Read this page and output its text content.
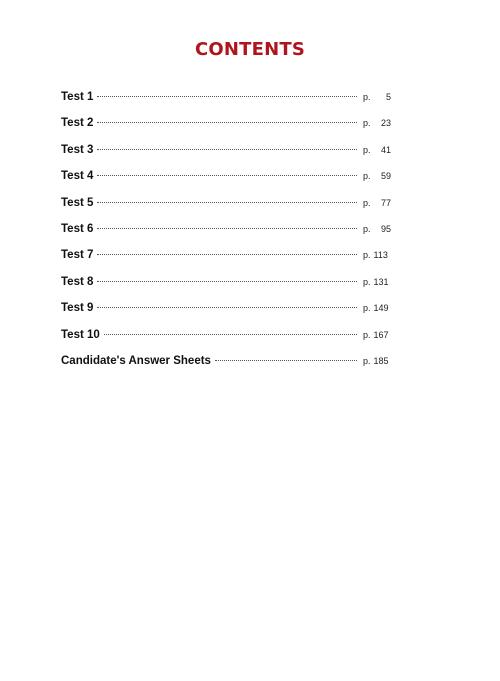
CONTENTS
Test 1	p. 5
Test 2	p. 23
Test 3	p. 41
Test 4	p. 59
Test 5	p. 77
Test 6	p. 95
Test 7	p. 113
Test 8	p. 131
Test 9	p. 149
Test 10	p. 167
Candidate's Answer Sheets	p. 185
